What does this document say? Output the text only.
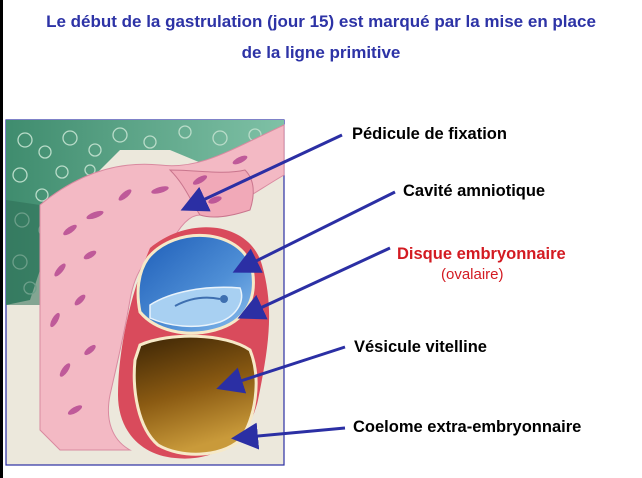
Le début de la gastrulation (jour 15) est marqué par la mise en place
de la ligne primitive
Pédicule de fixation
Cavité amniotique
Disque embryonnaire
(ovalaire)
Vésicule vitelline
Coelome extra-embryonnaire
